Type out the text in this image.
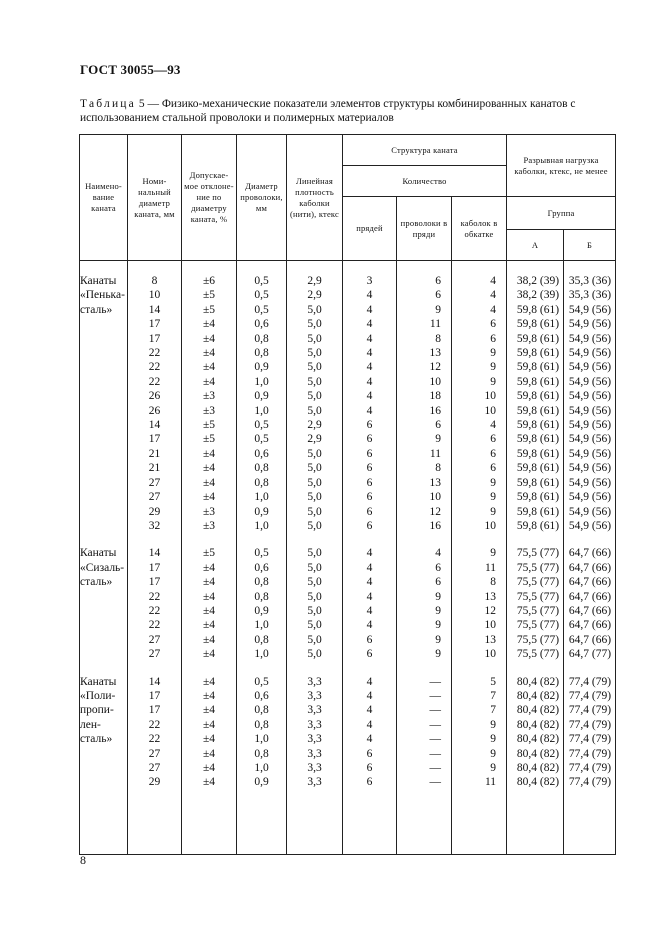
ГОСТ 30055—93
Таблица 5 — Физико-механические показатели элементов структуры комбинированных канатов с использованием стальной проволоки и полимерных материалов
Наимено-вание каната	Номи-нальный диаметр каната, мм	Допускае-мое отклоне-ние по диаметру каната, %	Диаметр проволоки, мм	Линейная плотность каболки (нити), ктекс	Структура каната			Разрывная нагрузка каболки, ктекс, не менее	
					Количество				
					прядей	проволоки в пряди	каболок в обкатке	Группа	
								А	Б

Канаты
«Пенька-
сталь»	8	±6	0,5	2,9	3	6	4	38,2 (39)	35,3 (36)
	10	±5	0,5	2,9	4	6	4	38,2 (39)	35,3 (36)
	14	±5	0,5	5,0	4	9	4	59,8 (61)	54,9 (56)
	17	±4	0,6	5,0	4	11	6	59,8 (61)	54,9 (56)
	17	±4	0,8	5,0	4	8	6	59,8 (61)	54,9 (56)
	22	±4	0,8	5,0	4	13	9	59,8 (61)	54,9 (56)
	22	±4	0,9	5,0	4	12	9	59,8 (61)	54,9 (56)
	22	±4	1,0	5,0	4	10	9	59,8 (61)	54,9 (56)
	26	±3	0,9	5,0	4	18	10	59,8 (61)	54,9 (56)
	26	±3	1,0	5,0	4	16	10	59,8 (61)	54,9 (56)
	14	±5	0,5	2,9	6	6	4	59,8 (61)	54,9 (56)
	17	±5	0,5	2,9	6	9	6	59,8 (61)	54,9 (56)
	21	±4	0,6	5,0	6	11	6	59,8 (61)	54,9 (56)
	21	±4	0,8	5,0	6	8	6	59,8 (61)	54,9 (56)
	27	±4	0,8	5,0	6	13	9	59,8 (61)	54,9 (56)
	27	±4	1,0	5,0	6	10	9	59,8 (61)	54,9 (56)
	29	±3	0,9	5,0	6	12	9	59,8 (61)	54,9 (56)
	32	±3	1,0	5,0	6	16	10	59,8 (61)	54,9 (56)

Канаты
«Сизаль-
сталь»	14	±5	0,5	5,0	4	4	9	75,5 (77)	64,7 (66)
	17	±4	0,6	5,0	4	6	11	75,5 (77)	64,7 (66)
	17	±4	0,8	5,0	4	6	8	75,5 (77)	64,7 (66)
	22	±4	0,8	5,0	4	9	13	75,5 (77)	64,7 (66)
	22	±4	0,9	5,0	4	9	12	75,5 (77)	64,7 (66)
	22	±4	1,0	5,0	4	9	10	75,5 (77)	64,7 (66)
	27	±4	0,8	5,0	6	9	13	75,5 (77)	64,7 (66)
	27	±4	1,0	5,0	6	9	10	75,5 (77)	64,7 (77)

Канаты
«Поли-
пропи-
лен-
сталь»	14	±4	0,5	3,3	4	—	5	80,4 (82)	77,4 (79)
	17	±4	0,6	3,3	4	—	7	80,4 (82)	77,4 (79)
	17	±4	0,8	3,3	4	—	7	80,4 (82)	77,4 (79)
	22	±4	0,8	3,3	4	—	9	80,4 (82)	77,4 (79)
	22	±4	1,0	3,3	4	—	9	80,4 (82)	77,4 (79)
	27	±4	0,8	3,3	6	—	9	80,4 (82)	77,4 (79)
	27	±4	1,0	3,3	6	—	9	80,4 (82)	77,4 (79)
	29	±4	0,9	3,3	6	—	11	80,4 (82)	77,4 (79)

8
